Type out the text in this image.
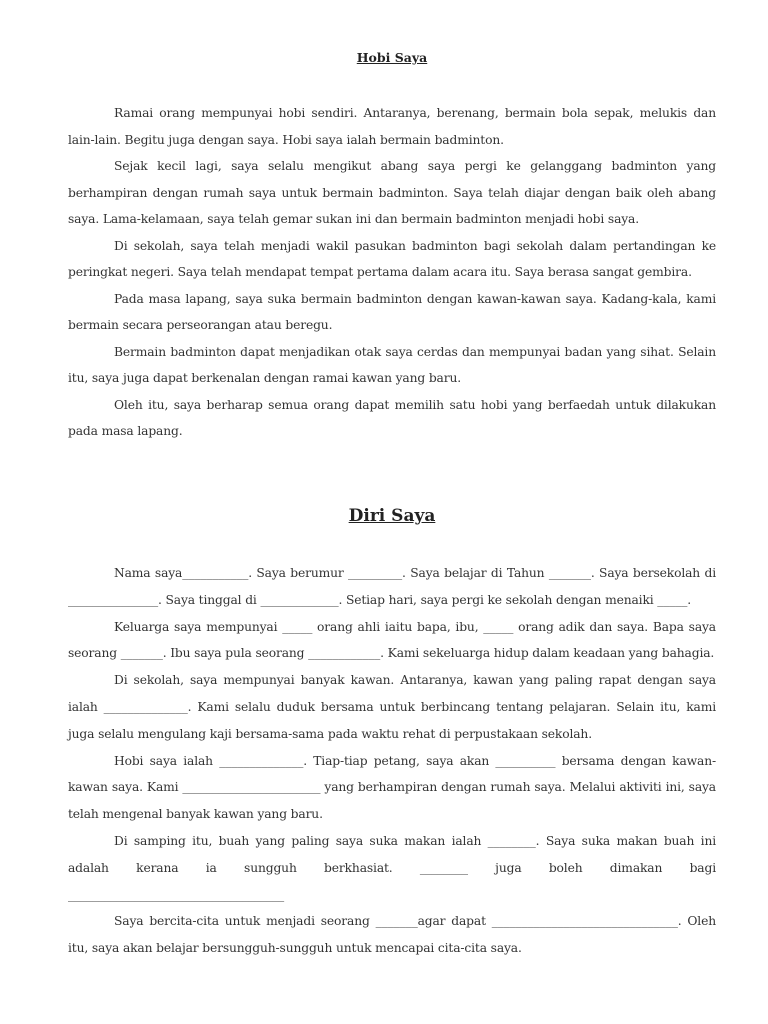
Hobi Saya

Ramai orang mempunyai hobi sendiri. Antaranya, berenang, bermain bola sepak, melukis dan lain-lain. Begitu juga dengan saya. Hobi saya ialah bermain badminton.

Sejak kecil lagi, saya selalu mengikut abang saya pergi ke gelanggang badminton yang berhampiran dengan rumah saya untuk bermain badminton. Saya telah diajar dengan baik oleh abang saya. Lama-kelamaan, saya telah gemar sukan ini dan bermain badminton menjadi hobi saya.

Di sekolah, saya telah menjadi wakil pasukan badminton bagi sekolah dalam pertandingan ke peringkat negeri. Saya telah mendapat tempat pertama dalam acara itu. Saya berasa sangat gembira.

Pada masa lapang, saya suka bermain badminton dengan kawan-kawan saya. Kadang-kala, kami bermain secara perseorangan atau beregu.

Bermain badminton dapat menjadikan otak saya cerdas dan mempunyai badan yang sihat. Selain itu, saya juga dapat berkenalan dengan ramai kawan yang baru.

Oleh itu, saya berharap semua orang dapat memilih satu hobi yang berfaedah untuk dilakukan pada masa lapang.

Diri Saya

Nama saya___________. Saya berumur _________. Saya belajar di Tahun _______. Saya bersekolah di _______________. Saya tinggal di _____________. Setiap hari, saya pergi ke sekolah dengan menaiki _____.

Keluarga saya mempunyai _____ orang ahli iaitu bapa, ibu, _____ orang adik dan saya. Bapa saya seorang _______. Ibu saya pula seorang ____________. Kami sekeluarga hidup dalam keadaan yang bahagia.

Di sekolah, saya mempunyai banyak kawan. Antaranya, kawan yang paling rapat dengan saya ialah ______________. Kami selalu duduk bersama untuk berbincang tentang pelajaran. Selain itu, kami juga selalu mengulang kaji bersama-sama pada waktu rehat di perpustakaan sekolah.

Hobi saya ialah ______________. Tiap-tiap petang, saya akan __________ bersama dengan kawan-kawan saya. Kami _______________________ yang berhampiran dengan rumah saya. Melalui aktiviti ini, saya telah mengenal banyak kawan yang baru.

Di samping itu, buah yang paling saya suka makan ialah ________. Saya suka makan buah ini adalah kerana ia sungguh berkhasiat. ________ juga boleh dimakan bagi ____________________________________

Saya bercita-cita untuk menjadi seorang _______agar dapat _______________________________. Oleh itu, saya akan belajar bersungguh-sungguh untuk mencapai cita-cita saya.
